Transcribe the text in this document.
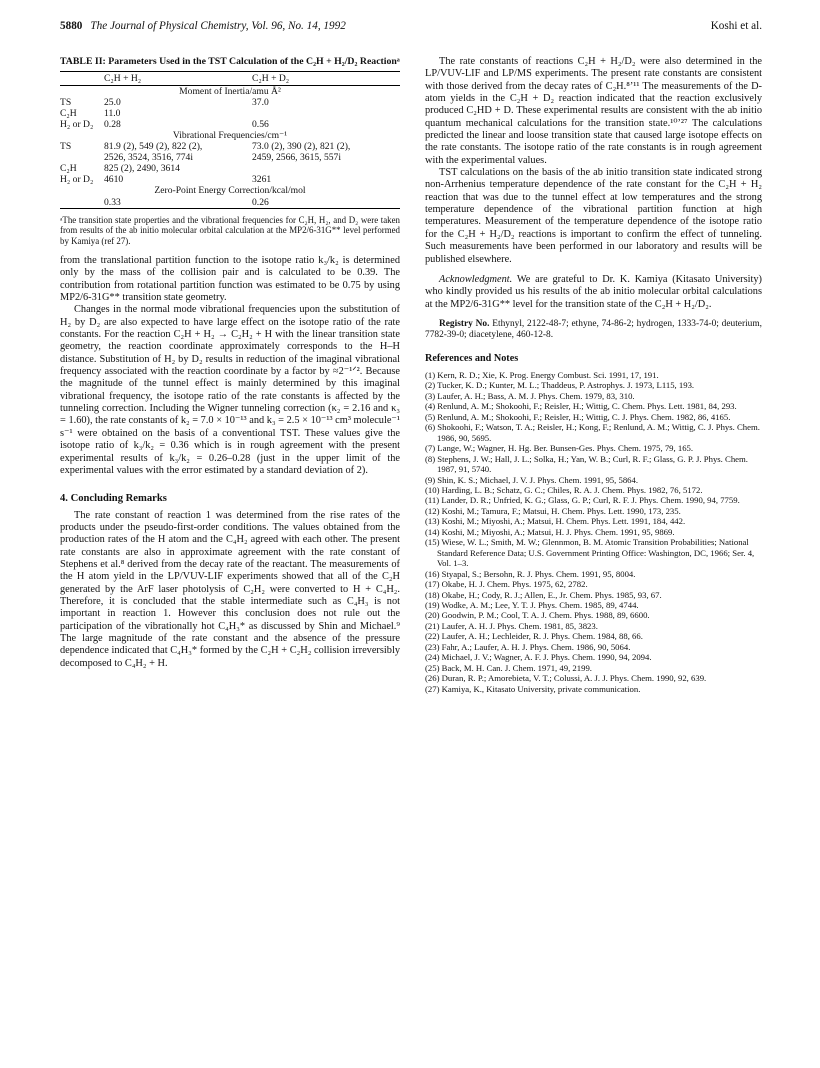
5880 The Journal of Physical Chemistry, Vol. 96, No. 14, 1992	Koshi et al.

TABLE II: Parameters Used in the TST Calculation of the C₂H + H₂/D₂ Reactionᵃ

	C₂H + H₂	C₂H + D₂
Moment of Inertia/amu Å²		
TS	25.0	37.0
C₂H	11.0	
H₂ or D₂	0.28	0.56
Vibrational Frequencies/cm⁻¹		
TS	81.9 (2), 549 (2), 822 (2),	73.0 (2), 390 (2), 821 (2),
	2526, 3524, 3516, 774i	2459, 2566, 3615, 557i
C₂H	825 (2), 2490, 3614	
H₂ or D₂	4610	3261
Zero-Point Energy Correction/kcal/mol		
	0.33	0.26

ᵃThe transition state properties and the vibrational frequencies for C₂H, H₂, and D₂ were taken from results of the ab initio molecular orbital calculation at the MP2/6-31G** level performed by Kamiya (ref 27).

from the translational partition function to the isotope ratio k₃/k₂ is determined only by the mass of the collision pair and is calculated to be 0.39. The contribution from rotational partition function was estimated to be 0.75 by using MP2/6-31G** transition state geometry.

Changes in the normal mode vibrational frequencies upon the substitution of H₂ by D₂ are also expected to have large effect on the isotope ratio of the rate constants. For the reaction C₂H + H₂ → C₂H₂ + H with the linear transition state geometry, the reaction coordinate approximately corresponds to the H–H distance. Substitution of H₂ by D₂ results in reduction of the imaginal vibrational frequency associated with the reaction coordinate by a factor by ≈2⁻¹ᐟ². Because the magnitude of the tunnel effect is mainly determined by this imaginal vibrational frequency, the isotope ratio of the rate constants is affected by the tunneling correction. Including the Wigner tunneling correction (κ₂ = 2.16 and κ₃ = 1.60), the rate constants of k₂ = 7.0 × 10⁻¹³ and k₃ = 2.5 × 10⁻¹³ cm³ molecule⁻¹ s⁻¹ were obtained on the basis of a conventional TST. These values give the isotope ratio of k₃/k₂ = 0.36 which is in rough agreement with the present experimental results of k₃/k₂ = 0.26–0.28 (just in the upper limit of the experimental values with the error estimated by a standard deviation of 2).

4. Concluding Remarks

The rate constant of reaction 1 was determined from the rise rates of the products under the pseudo-first-order conditions. The values obtained from the production rates of the H atom and the C₄H₂ agreed with each other. The present rate constants are also in approximate agreement with the rate constant of Stephens et al.⁸ derived from the decay rate of the reactant. The measurements of the H atom yield in the LP/VUV-LIF experiments showed that all of the C₂H generated by the ArF laser photolysis of C₂H₂ were converted to H + C₄H₂. Therefore, it is concluded that the stable intermediate such as C₄H₃ is not important in reaction 1. However this conclusion does not rule out the participation of the vibrationally hot C₄H₃* as discussed by Shin and Michael.⁹ The large magnitude of the rate constant and the absence of the pressure dependence indicated that C₄H₃* formed by the C₂H + C₂H₂ collision irreversibly decomposed to C₄H₂ + H.

The rate constants of reactions C₂H + H₂/D₂ were also determined in the LP/VUV-LIF and LP/MS experiments. The present rate constants are consistent with those derived from the decay rates of C₂H.⁸ʼ¹¹ The measurements of the D-atom yields in the C₂H + D₂ reaction indicated that the reaction exclusively produced C₂HD + D. These experimental results are consistent with the ab initio quantum mechanical calculations for the transition state.¹⁰ʼ²⁷ The calculations predicted the linear and loose transition state that caused large isotope effects on the rate constants. The isotope ratio of the rate constants is in rough agreement with the experimental values.

TST calculations on the basis of the ab initio transition state indicated strong non-Arrhenius temperature dependence of the rate constant for the C₂H + H₂ reaction that was due to the tunnel effect at low temperatures and the strong temperature dependence of the vibrational partition function at high temperatures. Measurement of the temperature dependence of the isotope ratio for the C₂H + H₂/D₂ reactions is important to confirm the effect of tunneling. Such measurements have been performed in our laboratory and results will be published elsewhere.

Acknowledgment. We are grateful to Dr. K. Kamiya (Kitasato University) who kindly provided us his results of the ab initio molecular orbital calculations at the MP2/6-31G** level for the transition state of the C₂H + H₂/D₂.

Registry No. Ethynyl, 2122-48-7; ethyne, 74-86-2; hydrogen, 1333-74-0; deuterium, 7782-39-0; diacetylene, 460-12-8.

References and Notes
(1) Kern, R. D.; Xie, K. Prog. Energy Combust. Sci. 1991, 17, 191.
(2) Tucker, K. D.; Kunter, M. L.; Thaddeus, P. Astrophys. J. 1973, L115, 193.
(3) Laufer, A. H.; Bass, A. M. J. Phys. Chem. 1979, 83, 310.
(4) Renlund, A. M.; Shokoohi, F.; Reisler, H.; Wittig, C. Chem. Phys. Lett. 1981, 84, 293.
(5) Renlund, A. M.; Shokoohi, F.; Reisler, H.; Wittig, C. J. Phys. Chem. 1982, 86, 4165.
(6) Shokoohi, F.; Watson, T. A.; Reisler, H.; Kong, F.; Renlund, A. M.; Wittig, C. J. Phys. Chem. 1986, 90, 5695.
(7) Lange, W.; Wagner, H. Hg. Ber. Bunsen-Ges. Phys. Chem. 1975, 79, 165.
(8) Stephens, J. W.; Hall, J. L.; Solka, H.; Yan, W. B.; Curl, R. F.; Glass, G. P. J. Phys. Chem. 1987, 91, 5740.
(9) Shin, K. S.; Michael, J. V. J. Phys. Chem. 1991, 95, 5864.
(10) Harding, L. B.; Schatz, G. C.; Chiles, R. A. J. Chem. Phys. 1982, 76, 5172.
(11) Lander, D. R.; Unfried, K. G.; Glass, G. P.; Curl, R. F. J. Phys. Chem. 1990, 94, 7759.
(12) Koshi, M.; Tamura, F.; Matsui, H. Chem. Phys. Lett. 1990, 173, 235.
(13) Koshi, M.; Miyoshi, A.; Matsui, H. Chem. Phys. Lett. 1991, 184, 442.
(14) Koshi, M.; Miyoshi, A.; Matsui, H. J. Phys. Chem. 1991, 95, 9869.
(15) Wiese, W. L.; Smith, M. W.; Glennmon, B. M. Atomic Transition Probabilities; National Standard Reference Data; U.S. Government Printing Office: Washington, DC, 1966; Ser. 4, Vol. 1–3.
(16) Styapal, S.; Bersohn, R. J. Phys. Chem. 1991, 95, 8004.
(17) Okabe, H. J. Chem. Phys. 1975, 62, 2782.
(18) Okabe, H.; Cody, R. J.; Allen, E., Jr. Chem. Phys. 1985, 93, 67.
(19) Wodke, A. M.; Lee, Y. T. J. Phys. Chem. 1985, 89, 4744.
(20) Goodwin, P. M.; Cool, T. A. J. Chem. Phys. 1988, 89, 6600.
(21) Laufer, A. H. J. Phys. Chem. 1981, 85, 3823.
(22) Laufer, A. H.; Lechleider, R. J. Phys. Chem. 1984, 88, 66.
(23) Fahr, A.; Laufer, A. H. J. Phys. Chem. 1986, 90, 5064.
(24) Michael, J. V.; Wagner, A. F. J. Phys. Chem. 1990, 94, 2094.
(25) Back, M. H. Can. J. Chem. 1971, 49, 2199.
(26) Duran, R. P.; Amorebieta, V. T.; Colussi, A. J. J. Phys. Chem. 1990, 92, 639.
(27) Kamiya, K., Kitasato University, private communication.
